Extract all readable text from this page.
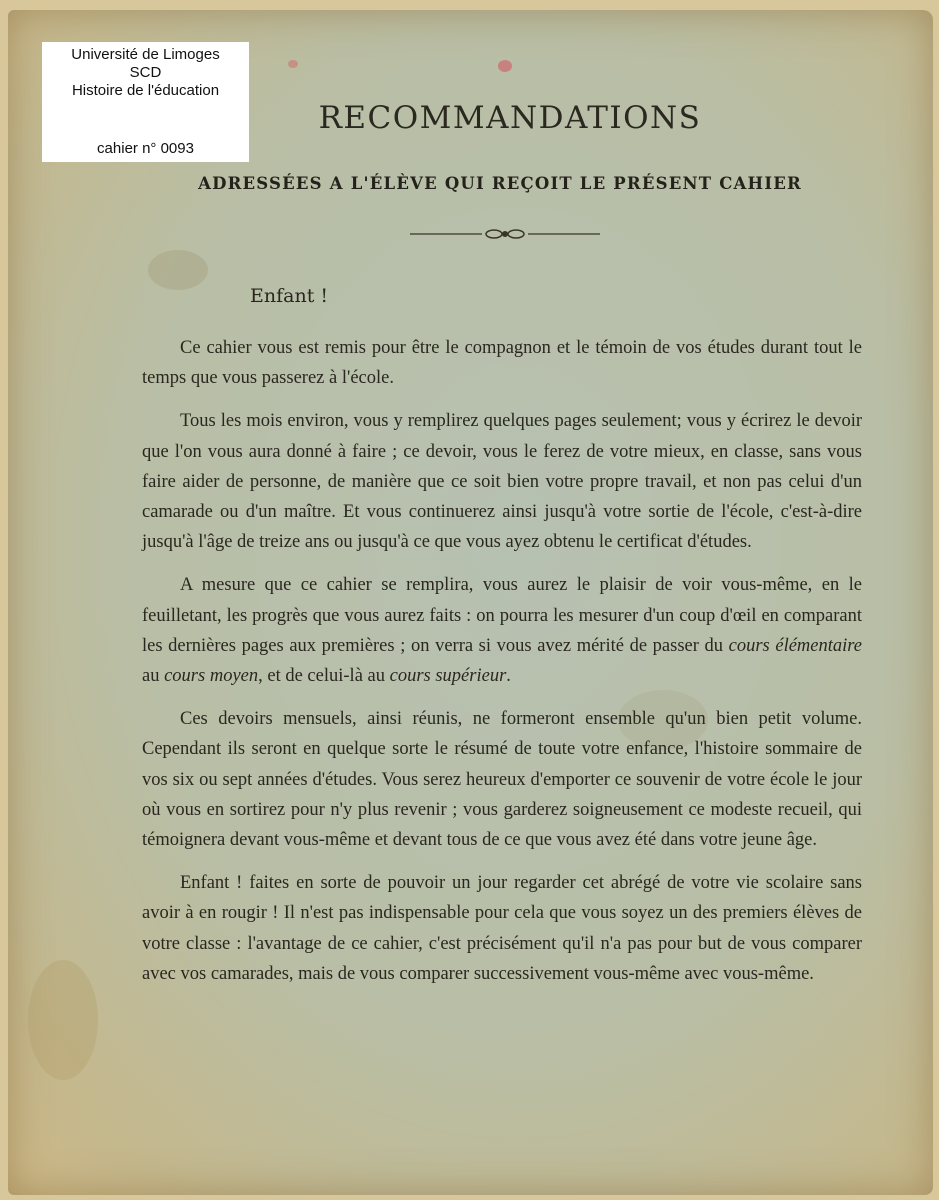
Université de Limoges
SCD
Histoire de l'éducation
cahier n° 0093
RECOMMANDATIONS
ADRESSÉES A L'ÉLÈVE QUI REÇOIT LE PRÉSENT CAHIER
Enfant !

Ce cahier vous est remis pour être le compagnon et le témoin de vos études durant tout le temps que vous passerez à l'école.

Tous les mois environ, vous y remplirez quelques pages seulement; vous y écrirez le devoir que l'on vous aura donné à faire ; ce devoir, vous le ferez de votre mieux, en classe, sans vous faire aider de personne, de manière que ce soit bien votre propre travail, et non pas celui d'un camarade ou d'un maître. Et vous continuerez ainsi jusqu'à votre sortie de l'école, c'est-à-dire jusqu'à l'âge de treize ans ou jusqu'à ce que vous ayez obtenu le certificat d'études.

A mesure que ce cahier se remplira, vous aurez le plaisir de voir vous-même, en le feuilletant, les progrès que vous aurez faits : on pourra les mesurer d'un coup d'œil en comparant les dernières pages aux premières ; on verra si vous avez mérité de passer du cours élémentaire au cours moyen, et de celui-là au cours supérieur.

Ces devoirs mensuels, ainsi réunis, ne formeront ensemble qu'un bien petit volume. Cependant ils seront en quelque sorte le résumé de toute votre enfance, l'histoire sommaire de vos six ou sept années d'études. Vous serez heureux d'emporter ce souvenir de votre école le jour où vous en sortirez pour n'y plus revenir ; vous garderez soigneusement ce modeste recueil, qui témoignera devant vous-même et devant tous de ce que vous avez été dans votre jeune âge.

Enfant ! faites en sorte de pouvoir un jour regarder cet abrégé de votre vie scolaire sans avoir à en rougir ! Il n'est pas indispensable pour cela que vous soyez un des premiers élèves de votre classe : l'avantage de ce cahier, c'est précisément qu'il n'a pas pour but de vous comparer avec vos camarades, mais de vous comparer successivement vous-même avec vous-même.
